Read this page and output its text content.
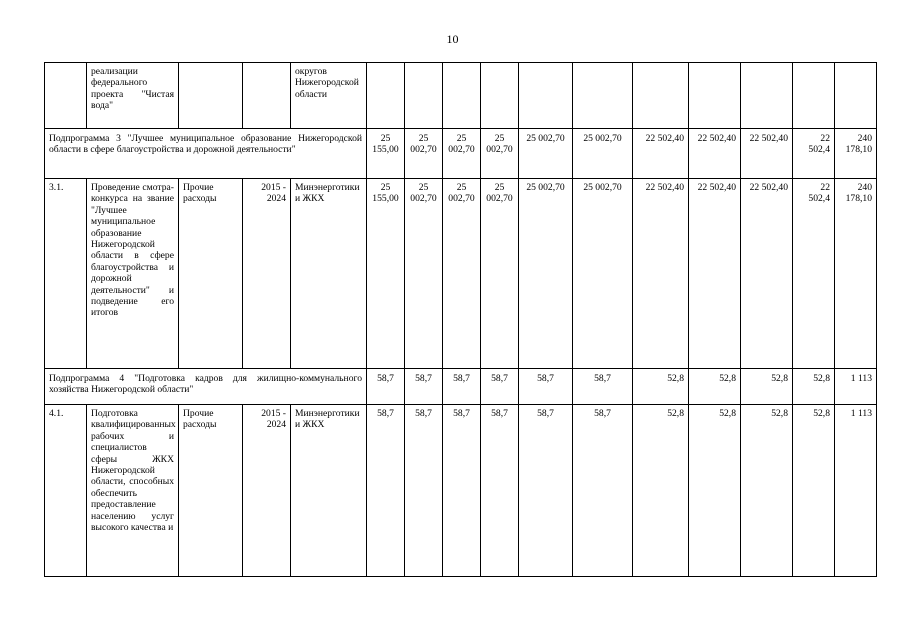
10
	реализации федерального проекта "Чистая вода"			округов Нижегородской области											
Подпрограмма 3 "Лучшее муниципальное образование Нижегородской области в сфере благоустройства и дорожной деятельности"					25 155,00	25 002,70	25 002,70	25 002,70	25 002,70	25 002,70	22 502,40	22 502,40	22 502,40	22 502,4	240 178,10
3.1.	Проведение смотра-конкурса на звание "Лучшее муниципальное образование Нижегородской области в сфере благоустройства и дорожной деятельности" и подведение его итогов	Прочие расходы	2015 - 2024	Минэнерготики и ЖКХ	25 155,00	25 002,70	25 002,70	25 002,70	25 002,70	25 002,70	22 502,40	22 502,40	22 502,40	22 502,4	240 178,10
Подпрограмма 4 "Подготовка кадров для жилищно-коммунального хозяйства Нижегородской области"					58,7	58,7	58,7	58,7	58,7	58,7	52,8	52,8	52,8	52,8	1 113
4.1.	Подготовка квалифицированных рабочих и специалистов сферы ЖКХ Нижегородской области, способных обеспечить предоставление населению услуг высокого качества и	Прочие расходы	2015 - 2024	Минэнерготики и ЖКХ	58,7	58,7	58,7	58,7	58,7	58,7	52,8	52,8	52,8	52,8	1 113
